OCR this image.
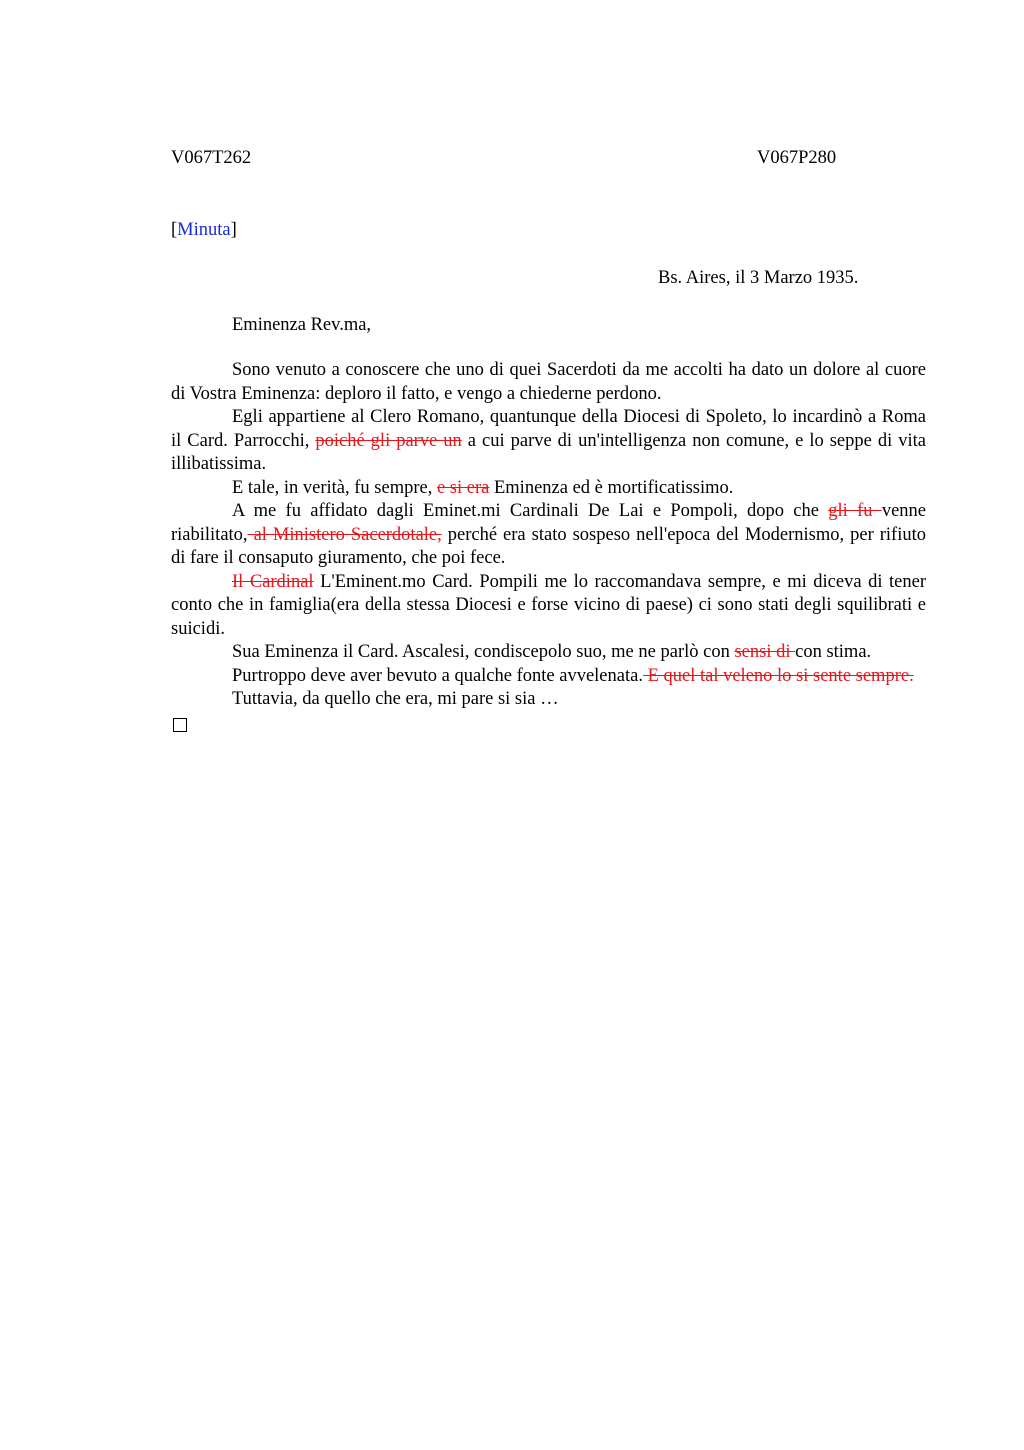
V067T262	V067P280
[Minuta]
Bs. Aires, il 3 Marzo 1935.
Eminenza Rev.ma,

Sono venuto a conoscere che uno di quei Sacerdoti da me accolti ha dato un dolore al cuore di Vostra Eminenza: deploro il fatto, e vengo a chiederne perdono.

Egli appartiene al Clero Romano, quantunque della Diocesi di Spoleto, lo incardinò a Roma il Card. Parrocchi, poiché gli parve un a cui parve di un'intelligenza non comune, e lo seppe di vita illibatissima.

E tale, in verità, fu sempre, e si era Eminenza ed è mortificatissimo.

A me fu affidato dagli Eminet.mi Cardinali De Lai e Pompoli, dopo che gli fu venne riabilitato, al Ministero Sacerdotale, perché era stato sospeso nell'epoca del Modernismo, per rifiuto di fare il consaputo giuramento, che poi fece.

Il Cardinal L'Eminent.mo Card. Pompili me lo raccomandava sempre, e mi diceva di tener conto che in famiglia(era della stessa Diocesi e forse vicino di paese) ci sono stati degli squilibrati e suicidi.

Sua Eminenza il Card. Ascalesi, condiscepolo suo, me ne parlò con sensi di con stima.

Purtroppo deve aver bevuto a qualche fonte avvelenata. E quel tal veleno lo si sente sempre.

Tuttavia, da quello che era, mi pare si sia …
